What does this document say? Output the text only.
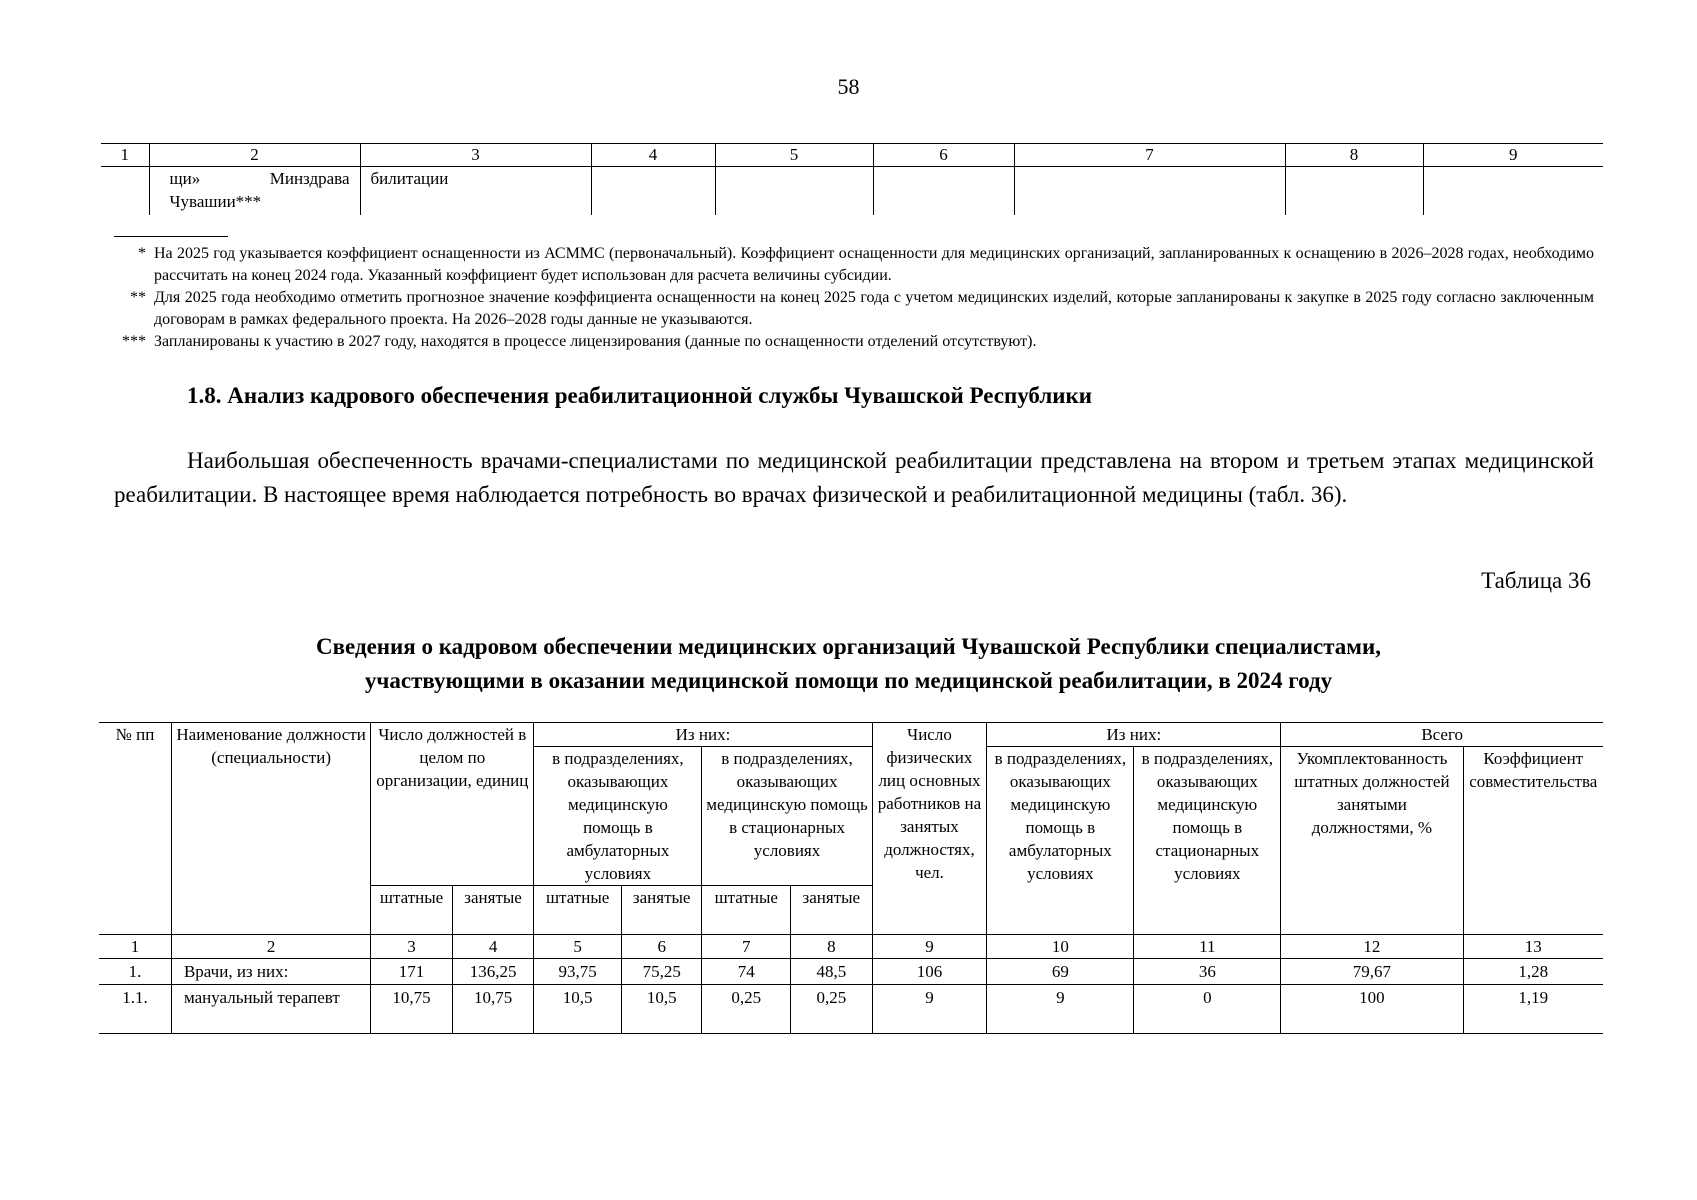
58
1	2	3	4	5	6	7	8	9
	щи» Минздрава Чувашии***	билитации						
* На 2025 год указывается коэффициент оснащенности из АСММС (первоначальный). Коэффициент оснащенности для медицинских организаций, запланированных к оснащению в 2026–2028 годах, необходимо рассчитать на конец 2024 года. Указанный коэффициент будет использован для расчета величины субсидии.
** Для 2025 года необходимо отметить прогнозное значение коэффициента оснащенности на конец 2025 года с учетом медицинских изделий, которые запланированы к закупке в 2025 году согласно заключенным договорам в рамках федерального проекта. На 2026–2028 годы данные не указываются.
*** Запланированы к участию в 2027 году, находятся в процессе лицензирования (данные по оснащенности отделений отсутствуют).
1.8. Анализ кадрового обеспечения реабилитационной службы Чувашской Республики
Наибольшая обеспеченность врачами-специалистами по медицинской реабилитации представлена на втором и третьем этапах медицинской реабилитации. В настоящее время наблюдается потребность во врачах физической и реабилитационной медицины (табл. 36).
Таблица 36
Сведения о кадровом обеспечении медицинских организаций Чувашской Республики специалистами,
участвующими в оказании медицинской помощи по медицинской реабилитации, в 2024 году
№ пп	Наименование должности (специальности)	Число должностей в целом по организации, единиц		Из них:				Число физических лиц основных работников на занятых должностях, чел.	Из них:		Всего	
				в подразделениях, оказывающих медицинскую помощь в амбулаторных условиях		в подразделениях, оказывающих медицинскую помощь в стационарных условиях			в подразделениях, оказывающих медицинскую помощь в амбулаторных условиях	в подразделениях, оказывающих медицинскую помощь в стационарных условиях	Укомплектованность штатных должностей занятыми должностями, %	Коэффициент совместительства
		штатные	занятые	штатные	занятые	штатные	занятые					
1	2	3	4	5	6	7	8	9	10	11	12	13
1.	Врачи, из них:	171	136,25	93,75	75,25	74	48,5	106	69	36	79,67	1,28
1.1.	мануальный терапевт	10,75	10,75	10,5	10,5	0,25	0,25	9	9	0	100	1,19
